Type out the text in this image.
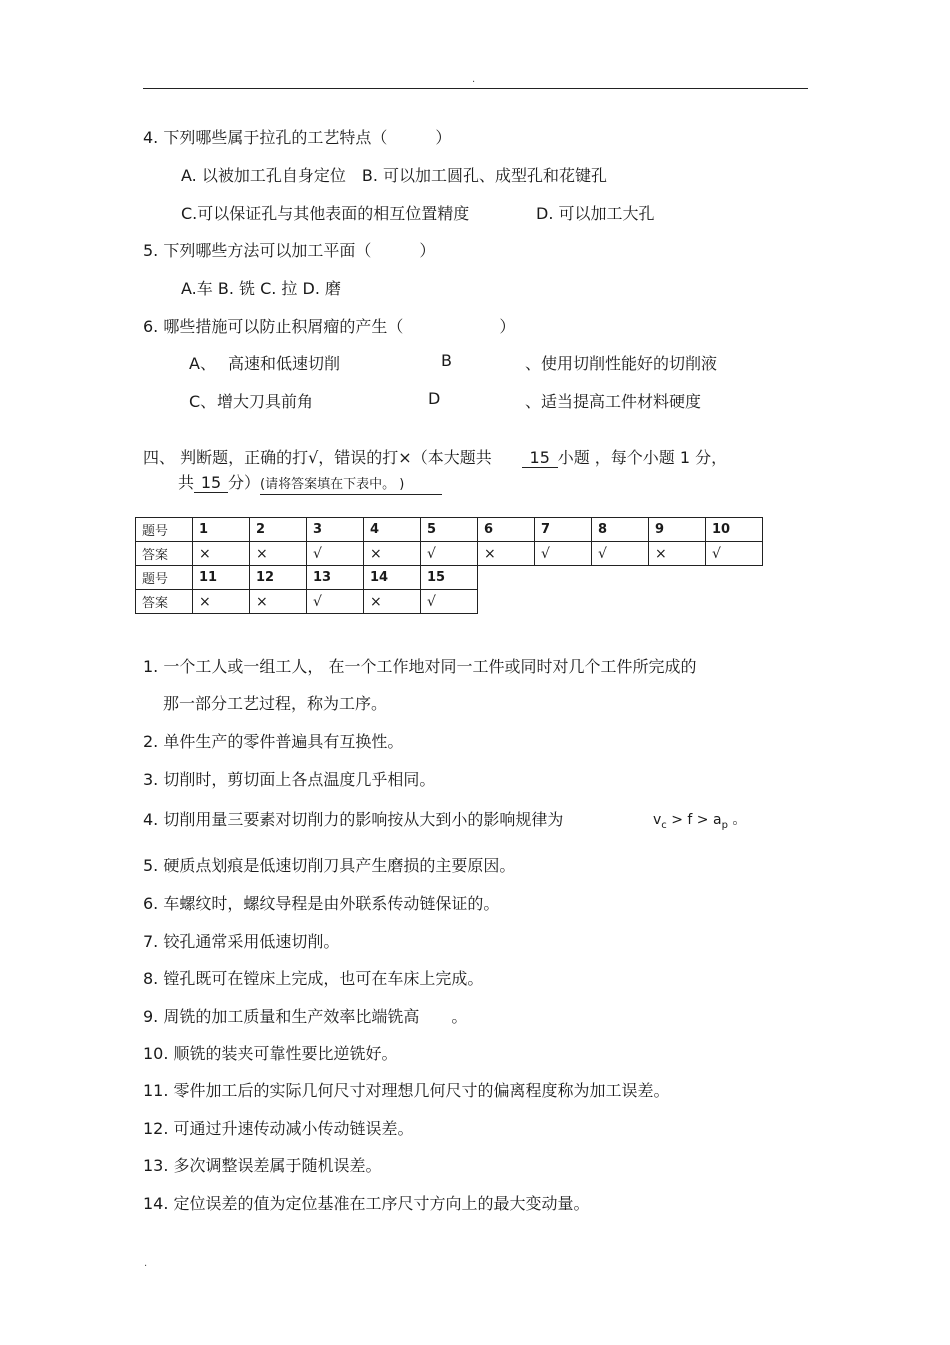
.
4. 下列哪些属于拉孔的工艺特点（　　　）
A. 以被加工孔自身定位　B. 可以加工圆孔、成型孔和花键孔
C.可以保证孔与其他表面的相互位置精度	D. 可以加工大孔
5. 下列哪些方法可以加工平面（　　　）
A.车 B. 铣 C. 拉 D. 磨
6. 哪些措施可以防止积屑瘤的产生（　　　　　　）
A、 高速和低速切削	B	、使用切削性能好的切削液
C、 增大刀具前角	D	、适当提高工件材料硬度
四、 判断题，正确的打√，错误的打×（本大题共 15 小题 ，每个小题 1 分，
共 15 分）(请将答案填在下表中。 )
题号	1	2	3	4	5	6	7	8	9	10
答案	×	×	√	×	√	×	√	√	×	√
题号	11	12	13	14	15					
答案	×	×	√	×	√					
1. 一个工人或一组工人， 在一个工作地对同一工件或同时对几个工件所完成的
那一部分工艺过程，称为工序。
2. 单件生产的零件普遍具有互换性。
3. 切削时，剪切面上各点温度几乎相同。
4. 切削用量三要素对切削力的影响按从大到小的影响规律为	$v_c > f > a_p$ 。
5. 硬质点划痕是低速切削刀具产生磨损的主要原因。
6. 车螺纹时，螺纹导程是由外联系传动链保证的。
7. 铰孔通常采用低速切削。
8. 镗孔既可在镗床上完成，也可在车床上完成。
9. 周铣的加工质量和生产效率比端铣高　　。
10. 顺铣的装夹可靠性要比逆铣好。
11. 零件加工后的实际几何尺寸对理想几何尺寸的偏离程度称为加工误差。
12. 可通过升速传动减小传动链误差。
13. 多次调整误差属于随机误差。
14. 定位误差的值为定位基准在工序尺寸方向上的最大变动量。
.
